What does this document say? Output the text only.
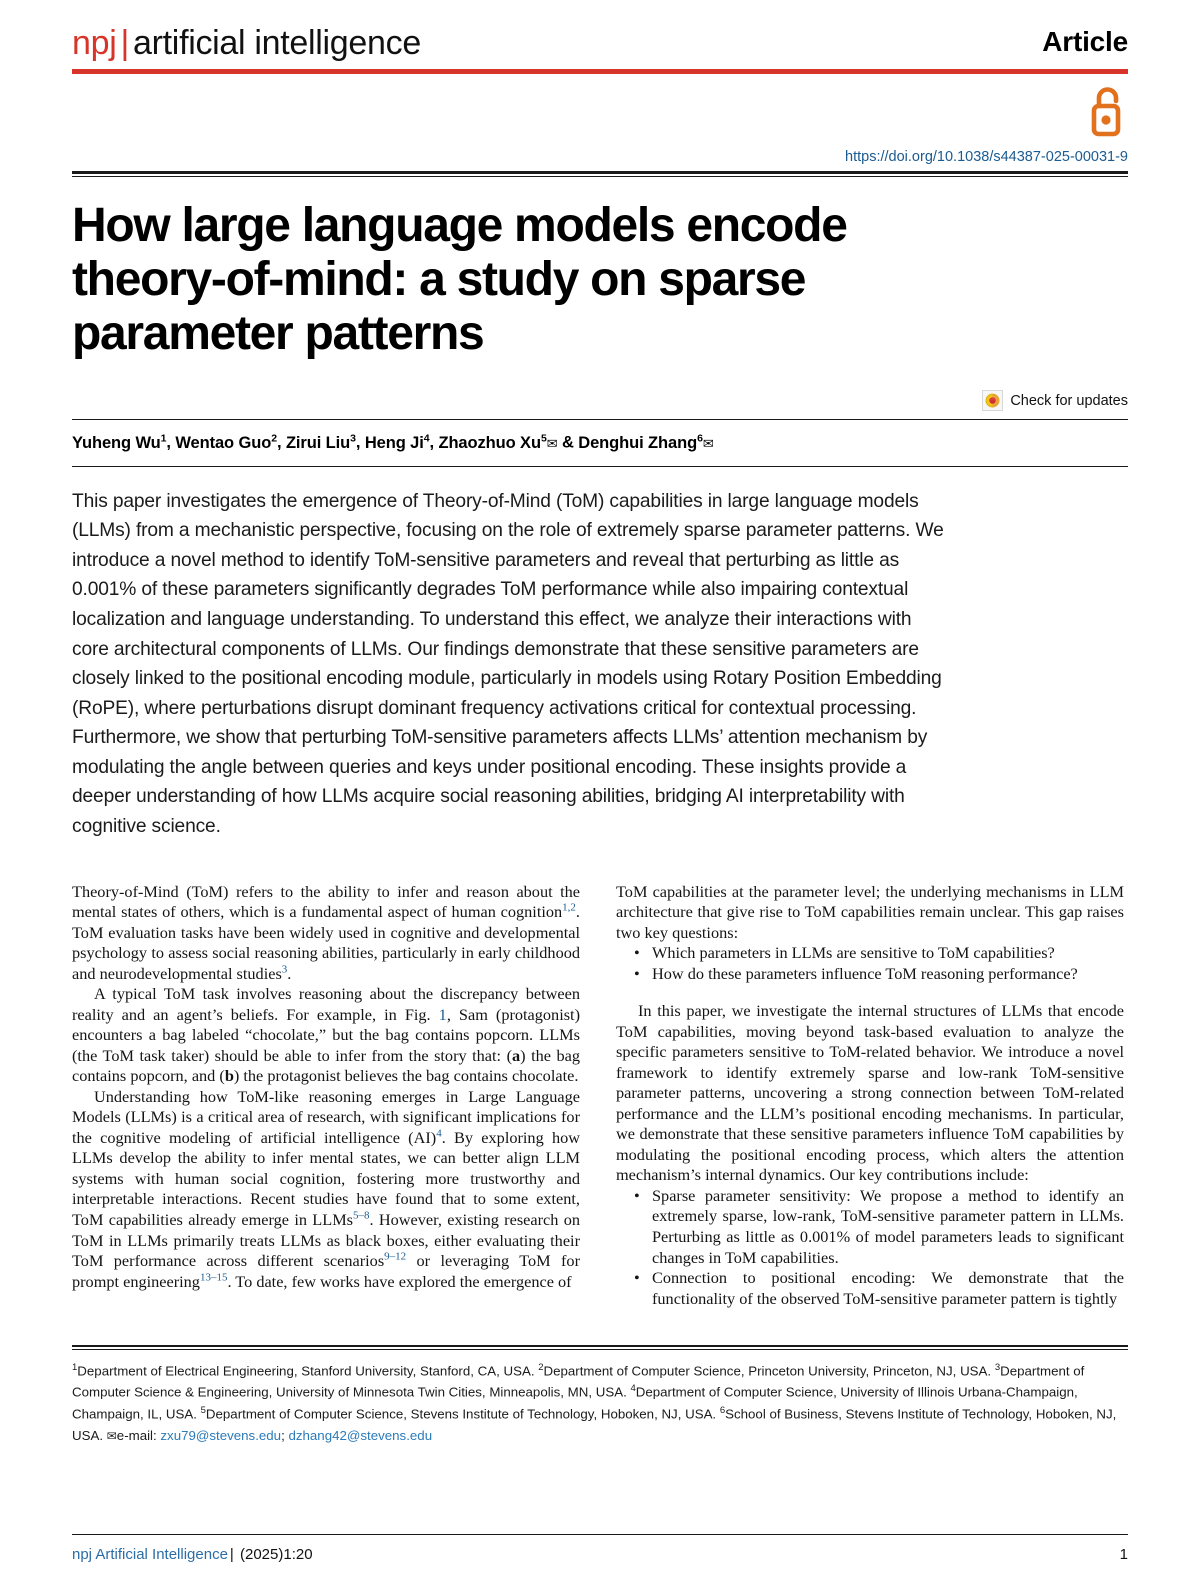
npj | artificial intelligence	Article
https://doi.org/10.1038/s44387-025-00031-9
How large language models encode theory-of-mind: a study on sparse parameter patterns
Check for updates
Yuheng Wu$^1$, Wentao Guo$^2$, Zirui Liu$^3$, Heng Ji$^4$, Zhaozhuo Xu$^5$✉ & Denghui Zhang$^6$✉
This paper investigates the emergence of Theory-of-Mind (ToM) capabilities in large language models (LLMs) from a mechanistic perspective, focusing on the role of extremely sparse parameter patterns. We introduce a novel method to identify ToM-sensitive parameters and reveal that perturbing as little as 0.001% of these parameters significantly degrades ToM performance while also impairing contextual localization and language understanding. To understand this effect, we analyze their interactions with core architectural components of LLMs. Our findings demonstrate that these sensitive parameters are closely linked to the positional encoding module, particularly in models using Rotary Position Embedding (RoPE), where perturbations disrupt dominant frequency activations critical for contextual processing. Furthermore, we show that perturbing ToM-sensitive parameters affects LLMs’ attention mechanism by modulating the angle between queries and keys under positional encoding. These insights provide a deeper understanding of how LLMs acquire social reasoning abilities, bridging AI interpretability with cognitive science.

Theory-of-Mind (ToM) refers to the ability to infer and reason about the mental states of others, which is a fundamental aspect of human cognition$^{1,2}$. ToM evaluation tasks have been widely used in cognitive and developmental psychology to assess social reasoning abilities, particularly in early childhood and neurodevelopmental studies$^3$.

A typical ToM task involves reasoning about the discrepancy between reality and an agent’s beliefs. For example, in Fig. 1, Sam (protagonist) encounters a bag labeled “chocolate,” but the bag contains popcorn. LLMs (the ToM task taker) should be able to infer from the story that: (a) the bag contains popcorn, and (b) the protagonist believes the bag contains chocolate.

Understanding how ToM-like reasoning emerges in Large Language Models (LLMs) is a critical area of research, with significant implications for the cognitive modeling of artificial intelligence (AI)$^4$. By exploring how LLMs develop the ability to infer mental states, we can better align LLM systems with human social cognition, fostering more trustworthy and interpretable interactions. Recent studies have found that to some extent, ToM capabilities already emerge in LLMs$^{5-8}$. However, existing research on ToM in LLMs primarily treats LLMs as black boxes, either evaluating their ToM performance across different scenarios$^{9-12}$ or leveraging ToM for prompt engineering$^{13-15}$. To date, few works have explored the emergence of

ToM capabilities at the parameter level; the underlying mechanisms in LLM architecture that give rise to ToM capabilities remain unclear. This gap raises two key questions:

• Which parameters in LLMs are sensitive to ToM capabilities?
• How do these parameters influence ToM reasoning performance?

In this paper, we investigate the internal structures of LLMs that encode ToM capabilities, moving beyond task-based evaluation to analyze the specific parameters sensitive to ToM-related behavior. We introduce a novel framework to identify extremely sparse and low-rank ToM-sensitive parameter patterns, uncovering a strong connection between ToM-related performance and the LLM’s positional encoding mechanisms. In particular, we demonstrate that these sensitive parameters influence ToM capabilities by modulating the positional encoding process, which alters the attention mechanism’s internal dynamics. Our key contributions include:

• Sparse parameter sensitivity: We propose a method to identify an extremely sparse, low-rank, ToM-sensitive parameter pattern in LLMs. Perturbing as little as 0.001% of model parameters leads to significant changes in ToM capabilities.
• Connection to positional encoding: We demonstrate that the functionality of the observed ToM-sensitive parameter pattern is tightly
$^1$Department of Electrical Engineering, Stanford University, Stanford, CA, USA. $^2$Department of Computer Science, Princeton University, Princeton, NJ, USA. $^3$Department of Computer Science & Engineering, University of Minnesota Twin Cities, Minneapolis, MN, USA. $^4$Department of Computer Science, University of Illinois Urbana-Champaign, Champaign, IL, USA. $^5$Department of Computer Science, Stevens Institute of Technology, Hoboken, NJ, USA. $^6$School of Business, Stevens Institute of Technology, Hoboken, NJ, USA. ✉e-mail: zxu79@stevens.edu; dzhang42@stevens.edu
npj Artificial Intelligence | (2025)1:20	1
